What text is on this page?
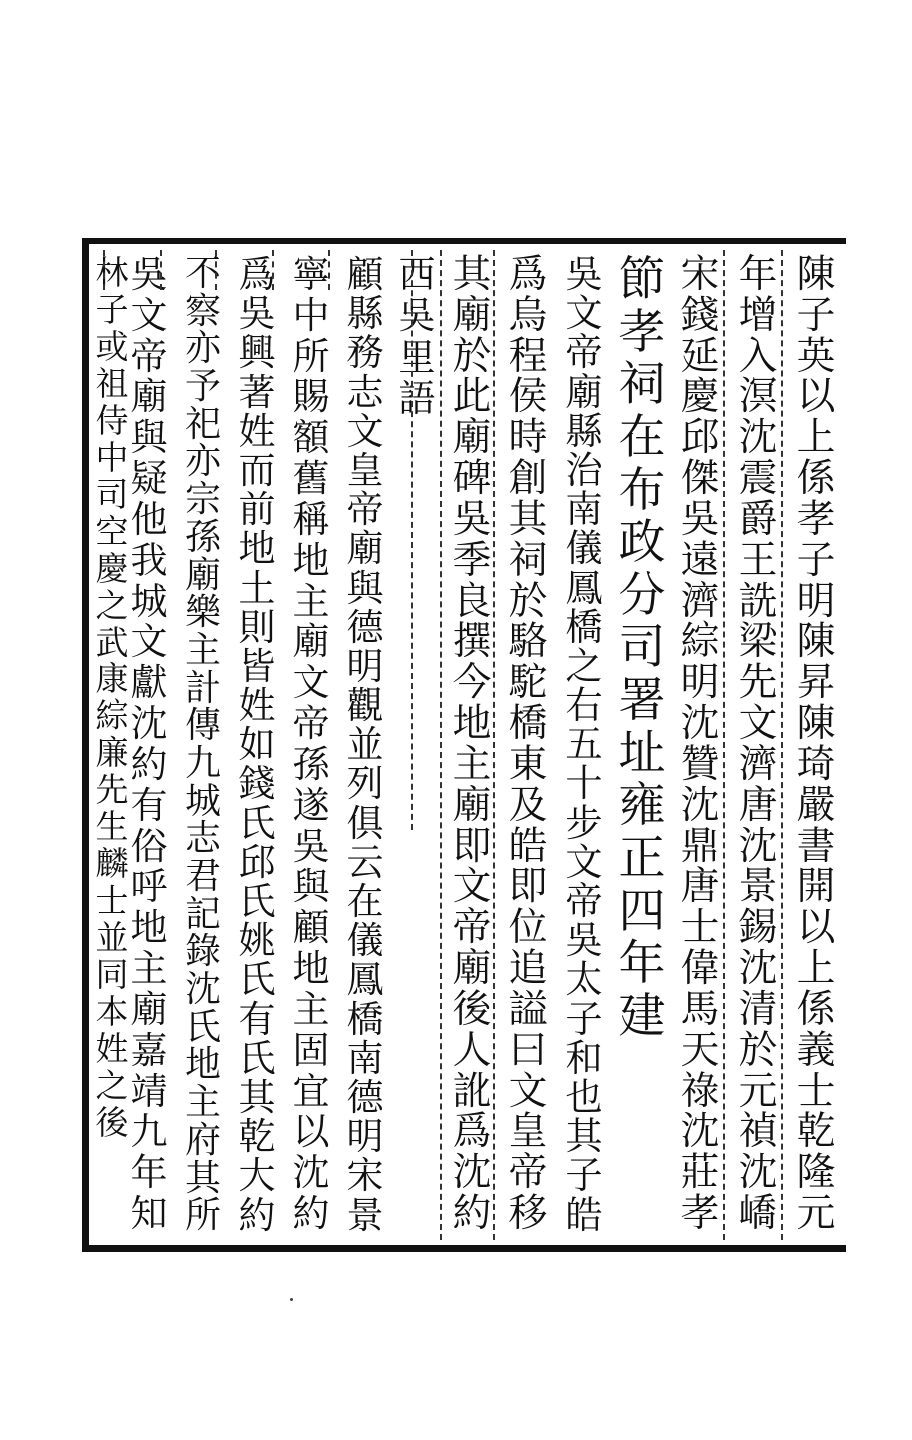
陳
子
英
以
上
係
孝
子
明
陳
昇
陳
琦
嚴
書
開
以
上
係
義
士
乾
隆
元
年
增
入
溟
沈
震
爵
王
詵
梁
先
文
濟
唐
沈
景
錫
沈
清
於
元
禎
沈
嶠
宋
錢
延
慶
邱
傑
吳
遠
濟
綜
明
沈
贊
沈
鼎
唐
士
偉
馬
天
祿
沈
莊
孝
節
孝
祠
在
布
政
分
司
署
址
雍
正
四
年
建
吳
文
帝
廟
縣
治
南
儀
鳳
橋
之
右
五
十
步
文
帝
吳
太
子
和
也
其
子
皓
爲
烏
程
侯
時
創
其
祠
於
駱
駝
橋
東
及
皓
即
位
追
謚
曰
文
皇
帝
移
其
廟
於
此
廟
碑
吳
季
良
撰
今
地
主
廟
即
文
帝
廟
後
人
訛
爲
沈
約
西
吳
里
語
顧
縣
務
志
文
皇
帝
廟
與
德
明
觀
並
列
俱
云
在
儀
鳳
橋
南
德
明
宋
景
寧
中
所
賜
額
舊
稱
地
主
廟
文
帝
孫
遂
吳
與
顧
地
主
固
宜
以
沈
約
爲
吳
興
著
姓
而
前
地
土
則
皆
姓
如
錢
氏
邱
氏
姚
氏
有
氏
其
乾
大
約
不
察
亦
予
祀
亦
宗
孫
廟
樂
主
計
傳
九
城
志
君
記
錄
沈
氏
地
主
府
其
所
吳
文
帝
廟
與
疑
他
我
城
文
獻
沈
約
有
俗
呼
地
主
廟
嘉
靖
九
年
知
林
子
或
祖
侍
中
司
空
慶
之
武
康
綜
廉
先
生
麟
士
並
同
本
姓
之
後
